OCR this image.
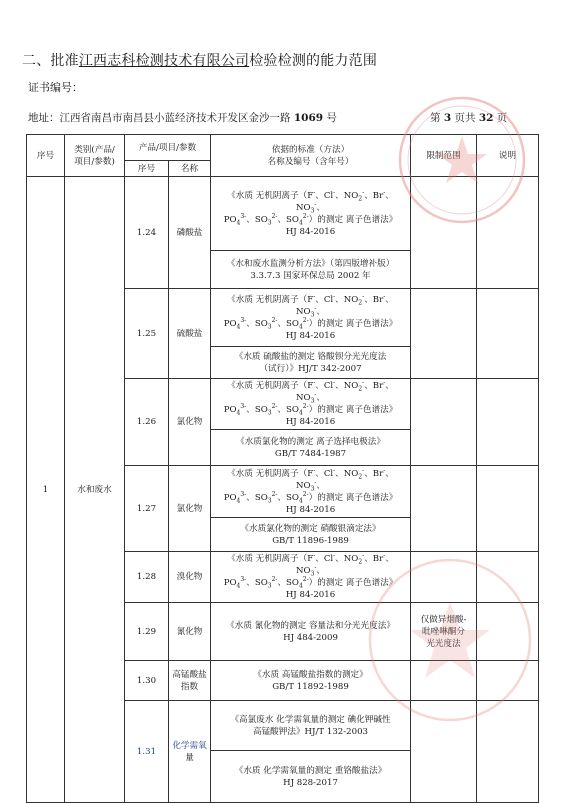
二、批准江西志科检测技术有限公司检验检测的能力范围
证书编号：
地址：江西省南昌市南昌县小蓝经济技术开发区金沙一路 1069 号	第 3 页共 32 页
序号	类别(产品/
项目/参数)	产品/项目/参数		依据的标准（方法）
名称及编号（含年号）	限制范围	说明
		序号	名称			
1	水和废水	1.24	磷酸盐	《水质 无机阴离子（F-、Cl-、$NO_2^-$、Br-、$NO_3^-$、
$PO_4^{3-}$、$SO_3^{2-}$、$SO_4^{2-}$）的测定 离子色谱法》
HJ 84-2016		
				《水和废水监测分析方法》（第四版增补版）
3.3.7.3 国家环保总局 2002 年		
		1.25	硫酸盐	《水质 无机阴离子（F-、Cl-、$NO_2^-$、Br-、$NO_3^-$、
$PO_4^{3-}$、$SO_3^{2-}$、$SO_4^{2-}$）的测定 离子色谱法》
HJ 84-2016		
				《水质 硫酸盐的测定 铬酸钡分光光度法
（试行）》HJ/T 342-2007		
		1.26	氯化物	《水质 无机阴离子（F-、Cl-、$NO_2^-$、Br-、$NO_3^-$、
$PO_4^{3-}$、$SO_3^{2-}$、$SO_4^{2-}$）的测定 离子色谱法》
HJ 84-2016		
				《水质氯化物的测定 离子选择电极法》
GB/T 7484-1987		
		1.27	氯化物	《水质 无机阴离子（F-、Cl-、$NO_2^-$、Br-、$NO_3^-$、
$PO_4^{3-}$、$SO_3^{2-}$、$SO_4^{2-}$）的测定 离子色谱法》
HJ 84-2016		
				《水质氯化物的测定 硝酸银滴定法》
GB/T 11896-1989		
		1.28	溴化物	《水质 无机阴离子（F-、Cl-、$NO_2^-$、Br-、$NO_3^-$、
$PO_4^{3-}$、$SO_3^{2-}$、$SO_4^{2-}$）的测定 离子色谱法》
HJ 84-2016		
		1.29	氰化物	《水质 氰化物的测定 容量法和分光光度法》
HJ 484-2009	仅做异烟酸-
吡唑啉酮分
光光度法	
		1.30	高锰酸盐
指数	《水质 高锰酸盐指数的测定》
GB/T 11892-1989		
		1.31	化学需氧
量	《高氯废水 化学需氧量的测定 碘化钾碱性
高锰酸钾法》HJ/T 132-2003		
				《水质 化学需氧量的测定 重铬酸盐法》
HJ 828-2017		
